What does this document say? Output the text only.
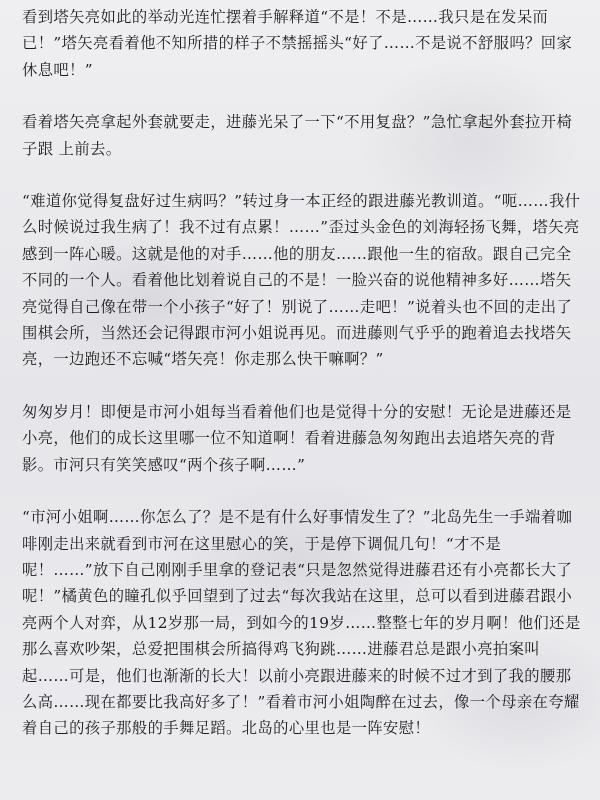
看到塔矢亮如此的举动光连忙摆着手解释道“不是！不是……我只是在发呆而已！”塔矢亮看着他不知所措的样子不禁摇摇头“好了……不是说不舒服吗？回家休息吧！”

看着塔矢亮拿起外套就要走，进藤光呆了一下“不用复盘？”急忙拿起外套拉开椅子跟 上前去。

“难道你觉得复盘好过生病吗？”转过身一本正经的跟进藤光教训道。“呃……我什么时候说过我生病了！我不过有点累！……”歪过头金色的刘海轻扬飞舞，塔矢亮感到一阵心暖。这就是他的对手……他的朋友……跟他一生的宿敌。跟自己完全不同的一个人。看着他比划着说自己的不是！一脸兴奋的说他精神多好……塔矢亮觉得自己像在带一个小孩子“好了！别说了……走吧！”说着头也不回的走出了围棋会所，当然还会记得跟市河小姐说再见。而进藤则气乎乎的跑着追去找塔矢亮，一边跑还不忘喊“塔矢亮！你走那么快干嘛啊？”

匆匆岁月！即便是市河小姐每当看着他们也是觉得十分的安慰！无论是进藤还是小亮，他们的成长这里哪一位不知道啊！看着进藤急匆匆跑出去追塔矢亮的背影。市河只有笑笑感叹“两个孩子啊……”

“市河小姐啊……你怎么了？是不是有什么好事情发生了？”北岛先生一手端着咖啡刚走出来就看到市河在这里慰心的笑，于是停下调侃几句！“才不是呢！……”放下自己刚刚手里拿的登记表“只是忽然觉得进藤君还有小亮都长大了呢！”橘黄色的瞳孔似乎回望到了过去“每次我站在这里，总可以看到进藤君跟小亮两个人对弈，从12岁那一局，到如今的19岁……整整七年的岁月啊！他们还是那么喜欢吵架，总爱把围棋会所搞得鸡飞狗跳……进藤君总是跟小亮拍案叫起……可是，他们也渐渐的长大！以前小亮跟进藤来的时候不过才到了我的腰那么高……现在都要比我高好多了！”看着市河小姐陶醉在过去，像一个母亲在夸耀着自己的孩子那般的手舞足蹈。北岛的心里也是一阵安慰！
